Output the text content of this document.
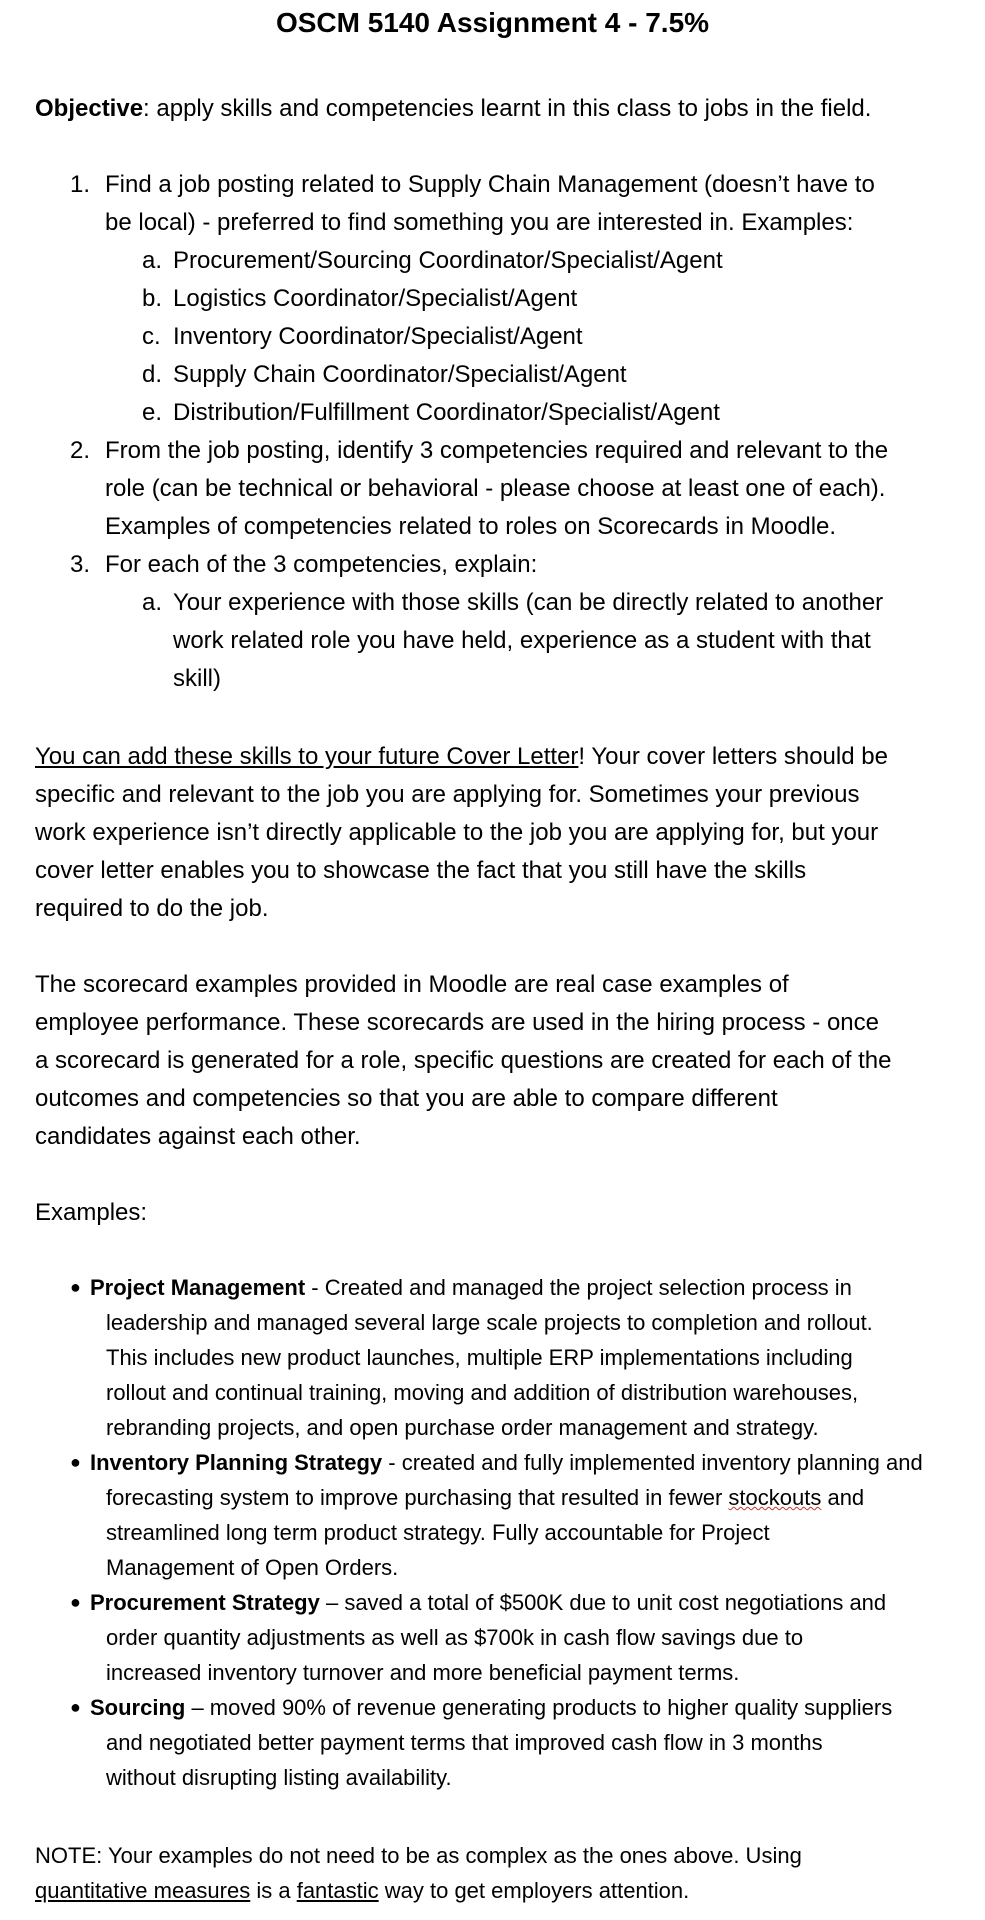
OSCM 5140 Assignment 4 - 7.5%
Objective: apply skills and competencies learnt in this class to jobs in the field.
1. Find a job posting related to Supply Chain Management (doesn’t have to
be local) - preferred to find something you are interested in. Examples:
a. Procurement/Sourcing Coordinator/Specialist/Agent
b. Logistics Coordinator/Specialist/Agent
c. Inventory Coordinator/Specialist/Agent
d. Supply Chain Coordinator/Specialist/Agent
e. Distribution/Fulfillment Coordinator/Specialist/Agent
2. From the job posting, identify 3 competencies required and relevant to the
role (can be technical or behavioral - please choose at least one of each).
Examples of competencies related to roles on Scorecards in Moodle.
3. For each of the 3 competencies, explain:
a. Your experience with those skills (can be directly related to another
work related role you have held, experience as a student with that
skill)
You can add these skills to your future Cover Letter! Your cover letters should be
specific and relevant to the job you are applying for. Sometimes your previous
work experience isn’t directly applicable to the job you are applying for, but your
cover letter enables you to showcase the fact that you still have the skills
required to do the job.
The scorecard examples provided in Moodle are real case examples of
employee performance. These scorecards are used in the hiring process - once
a scorecard is generated for a role, specific questions are created for each of the
outcomes and competencies so that you are able to compare different
candidates against each other.
Examples:
● Project Management - Created and managed the project selection process in
leadership and managed several large scale projects to completion and rollout.
This includes new product launches, multiple ERP implementations including
rollout and continual training, moving and addition of distribution warehouses,
rebranding projects, and open purchase order management and strategy.
● Inventory Planning Strategy - created and fully implemented inventory planning and
forecasting system to improve purchasing that resulted in fewer stockouts and
streamlined long term product strategy. Fully accountable for Project
Management of Open Orders.
● Procurement Strategy – saved a total of $500K due to unit cost negotiations and
order quantity adjustments as well as $700k in cash flow savings due to
increased inventory turnover and more beneficial payment terms.
● Sourcing – moved 90% of revenue generating products to higher quality suppliers
and negotiated better payment terms that improved cash flow in 3 months
without disrupting listing availability.
NOTE: Your examples do not need to be as complex as the ones above. Using
quantitative measures is a fantastic way to get employers attention.
